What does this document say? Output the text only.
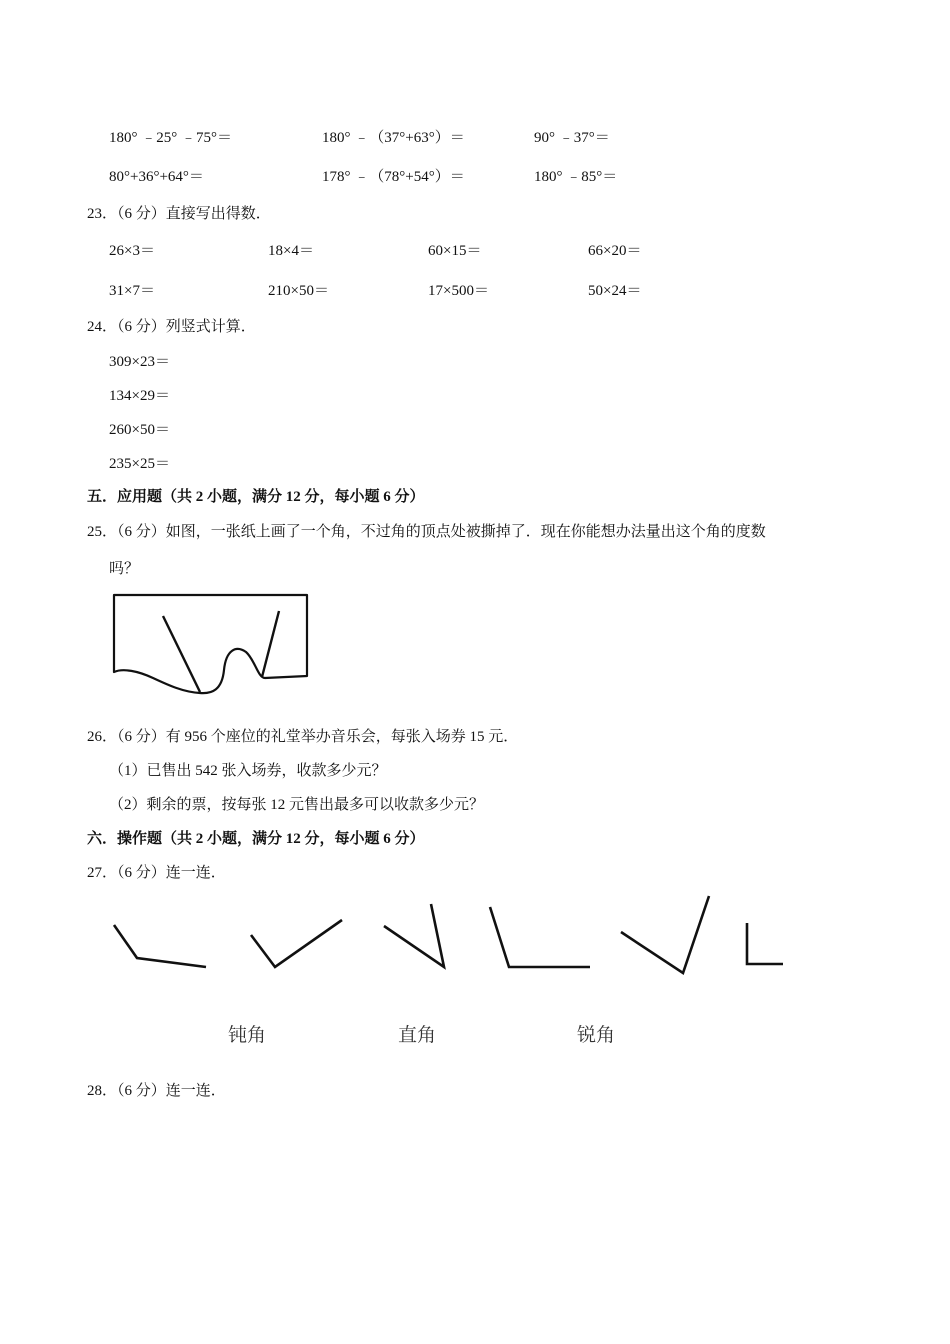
180° ﹣25° ﹣75°＝	180° ﹣（37°+63°）＝	90° ﹣37°＝
80°+36°+64°＝	178° ﹣（78°+54°）＝	180° ﹣85°＝
23．（6 分）直接写出得数．
26×3＝	18×4＝	60×15＝	66×20＝
31×7＝	210×50＝	17×500＝	50×24＝
24．（6 分）列竖式计算．
309×23＝
134×29＝
260×50＝
235×25＝
五．应用题（共 2 小题，满分 12 分，每小题 6 分）
25．（6 分）如图，一张纸上画了一个角，不过角的顶点处被撕掉了．现在你能想办法量出这个角的度数
吗？
26．（6 分）有 956 个座位的礼堂举办音乐会，每张入场券 15 元．
（1）已售出 542 张入场券，收款多少元？
（2）剩余的票，按每张 12 元售出最多可以收款多少元？
六．操作题（共 2 小题，满分 12 分，每小题 6 分）
27．（6 分）连一连．
钝角	直角	锐角
28．（6 分）连一连．
